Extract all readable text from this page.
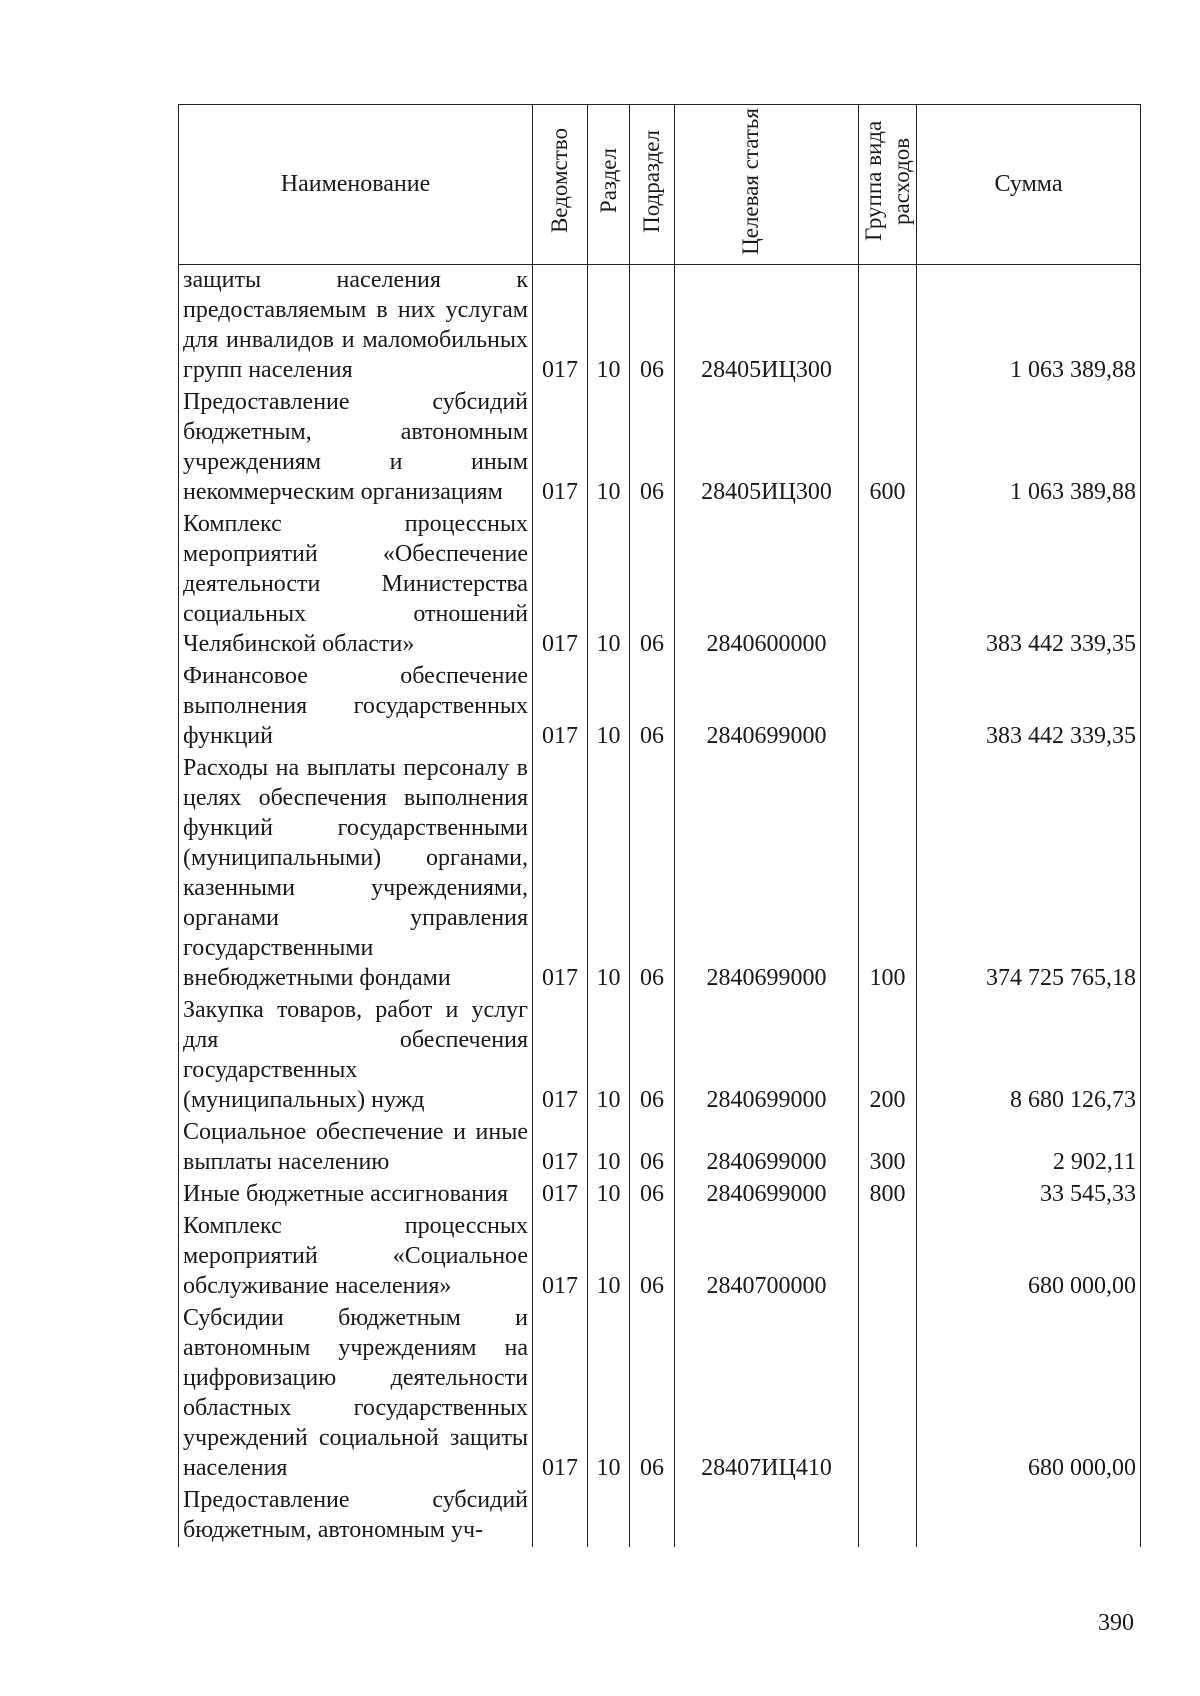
Наименование	Ведомство	Раздел	Подраздел	Целевая статья	Группа вида расходов	Сумма
защиты населения к предоставляемым в них услугам для инвалидов и маломобильных групп населения	017	10	06	28405ИЦ300		1 063 389,88
Предоставление субсидий бюджетным, автономным учреждениям и иным некоммерческим организациям	017	10	06	28405ИЦ300	600	1 063 389,88
Комплекс процессных мероприятий «Обеспечение деятельности Министерства социальных отношений Челябинской области»	017	10	06	2840600000		383 442 339,35
Финансовое обеспечение выполнения государственных функций	017	10	06	2840699000		383 442 339,35
Расходы на выплаты персоналу в целях обеспечения выполнения функций государственными (муниципальными) органами, казенными учреждениями, органами управления государственными внебюджетными фондами	017	10	06	2840699000	100	374 725 765,18
Закупка товаров, работ и услуг для обеспечения государственных (муниципальных) нужд	017	10	06	2840699000	200	8 680 126,73
Социальное обеспечение и иные выплаты населению	017	10	06	2840699000	300	2 902,11
Иные бюджетные ассигнования	017	10	06	2840699000	800	33 545,33
Комплекс процессных мероприятий «Социальное обслуживание населения»	017	10	06	2840700000		680 000,00
Субсидии бюджетным и автономным учреждениям на цифровизацию деятельности областных государственных учреждений социальной защиты населения	017	10	06	28407ИЦ410		680 000,00
Предоставление субсидий бюджетным, автономным уч-						
390
